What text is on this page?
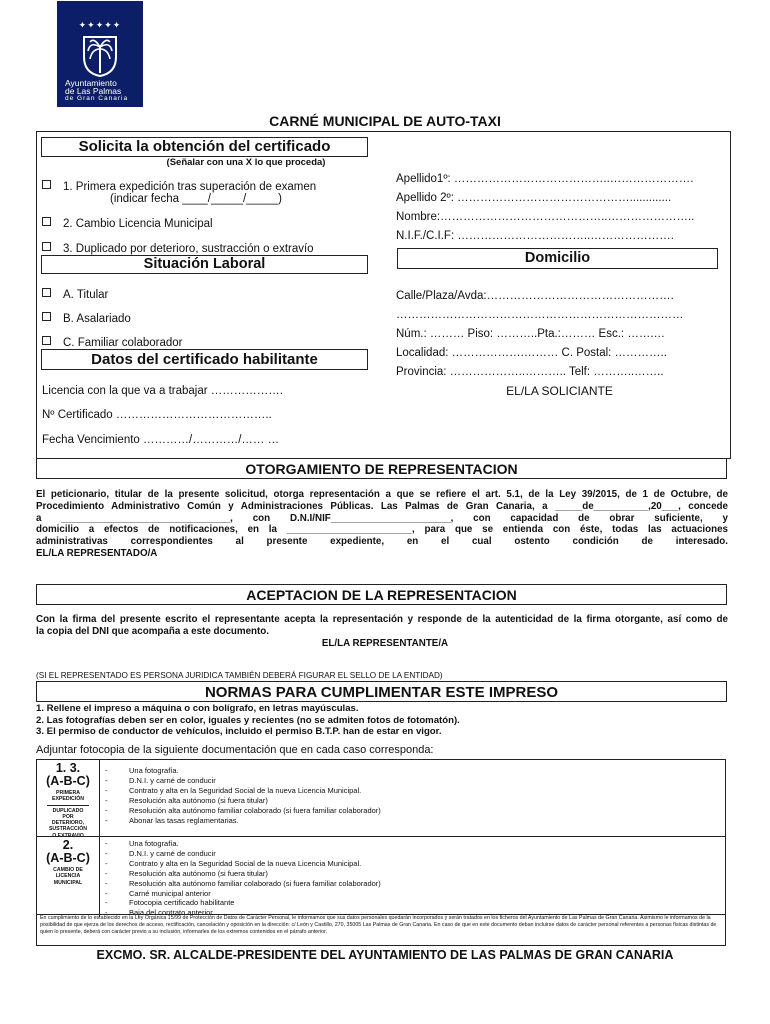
✦✦✦✦✦
Ayuntamiento
de Las Palmas
de Gran Canaria
CARNÉ MUNICIPAL DE AUTO-TAXI
Solicita la obtención del certificado
(Señalar con una X lo que proceda)
1. Primera expedición tras superación de examen
(indicar fecha ____/_____/_____)
2. Cambio Licencia Municipal
3. Duplicado por deterioro, sustracción o extravío
Apellido1º: …………………………………..………………….
Apellido 2º: ……………………………………….............
Nombre:……………………………………..…………………..
N.I.F./C.I.F: ……………………………..………………….
Situación Laboral	Domicilio
A. Titular
B. Asalariado
C. Familiar colaborador
Calle/Plaza/Avda:………………………………………….
…………………………………………………………………
Núm.: ……… Piso: ………..Pta.:……… Esc.: …….…
Localidad: ……………….……… C. Postal: …………..
Provincia: ………………..……….. Telf: ………..……..
EL/LA SOLICIANTE
Datos del certificado habilitante
Licencia con la que va a trabajar ……………….
Nº Certificado …………………………………..
Fecha Vencimiento …………/…………/…… …
OTORGAMIENTO DE REPRESENTACION
El peticionario, titular de la presente solicitud, otorga representación a que se refiere el art. 5.1, de la Ley 39/2015, de 1 de Octubre, de
Procedimiento Administrativo Común y Administraciones Públicas. Las Palmas de Gran Canaria, a _____de__________,20___, concede
a _______________________________, con D.N.I/NIF______________________, con capacidad de obrar suficiente, y
domicilio a efectos de notificaciones, en la _______________________, para que se entienda con éste, todas las actuaciones
administrativas correspondientes al presente expediente, en el cual ostento condición de interesado.
EL/LA REPRESENTADO/A
ACEPTACION DE LA REPRESENTACION
Con la firma del presente escrito el representante acepta la representación y responde de la autenticidad de la firma otorgante, así como de
la copia del DNI que acompaña a este documento.
EL/LA REPRESENTANTE/A
(SI EL REPRESENTADO ES PERSONA JURIDICA TAMBIÉN DEBERÁ FIGURAR EL SELLO DE LA ENTIDAD)
NORMAS PARA CUMPLIMENTAR ESTE IMPRESO
1. Rellene el impreso a máquina o con bolígrafo, en letras mayúsculas.
2. Las fotografías deben ser en color, iguales y recientes (no se admiten fotos de fotomatón).
3. El permiso de conductor de vehículos, incluido el permiso B.T.P. han de estar en vigor.
Adjuntar fotocopia de la siguiente documentación que en cada caso corresponda:
1. 3.
(A-B-C)
PRIMERA
EXPEDICIÓN
DUPLICADO
POR
DETERIORO,
SUSTRACCIÓN
O EXTRAVIO
-	Una fotografía.
-	D.N.I. y carné de conducir
-	Contrato y alta en la Seguridad Social de la nueva Licencia Municipal.
-	Resolución alta autónomo (si fuera titular)
-	Resolución alta autónomo familiar colaborado (si fuera familiar colaborador)
-	Abonar las tasas reglamentarias.
2.
(A-B-C)
CAMBIO DE
LICENCIA
MUNICIPAL
-	Una fotografía.
-	D.N.I. y carné de conducir
-	Contrato y alta en la Seguridad Social de la nueva Licencia Municipal.
-	Resolución alta autónomo (si fuera titular)
-	Resolución alta autónomo familiar colaborado (si fuera familiar colaborador)
-	Carné municipal anterior
-	Fotocopia certificado habilitante
-	Baja del contrato anterior
En cumplimiento de lo establecido en la Ley Orgánica 15/99 de Protección de Datos de Carácter Personal, le informamos que sus datos personales quedarán incorporados y serán tratados en los ficheros del Ayuntamiento de Las Palmas de Gran Canaria. Asimismo le informamos de la posibilidad de que ejerza de los derechos de acceso, rectificación, cancelación y oposición en la dirección: c/ León y Castillo, 270, 35005 Las Palmas de Gran Canaria. En caso de que en este documento deban incluirse datos de carácter personal referentes a personas físicas distintas de quien lo presente, deberá con carácter previo a su inclusión, informarles de los extremos contenidos en el párrafo anterior.
EXCMO. SR. ALCALDE-PRESIDENTE DEL AYUNTAMIENTO DE LAS PALMAS DE GRAN CANARIA
